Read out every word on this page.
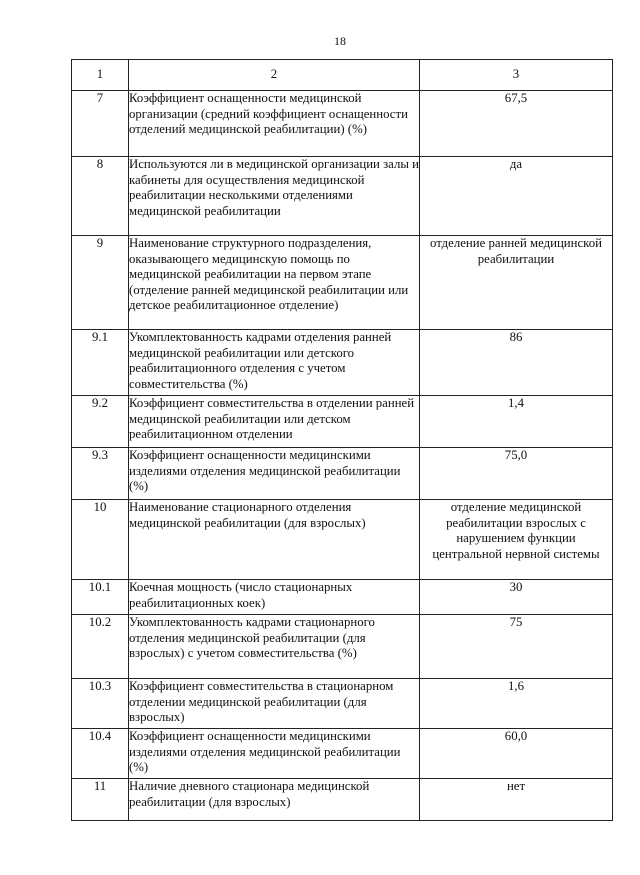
18
1	2	3
7	Коэффициент оснащенности медицинской организации (средний коэффициент оснащенности отделений медицинской реабилитации) (%)	67,5
8	Используются ли в медицинской организации залы и кабинеты для осуществления медицинской реабилитации несколькими отделениями медицинской реабилитации	да
9	Наименование структурного подразделения, оказывающего медицинскую помощь по медицинской реабилитации на первом этапе (отделение ранней медицинской реабилитации или детское реабилитационное отделение)	отделение ранней медицинской реабилитации
9.1	Укомплектованность кадрами отделения ранней медицинской реабилитации или детского реабилитационного отделения с учетом совместительства (%)	86
9.2	Коэффициент совместительства в отделении ранней медицинской реабилитации или детском реабилитационном отделении	1,4
9.3	Коэффициент оснащенности медицинскими изделиями отделения медицинской реабилитации (%)	75,0
10	Наименование стационарного отделения медицинской реабилитации (для взрослых)	отделение медицинской реабилитации взрослых с нарушением функции центральной нервной системы
10.1	Коечная мощность (число стационарных реабилитационных коек)	30
10.2	Укомплектованность кадрами стационарного отделения медицинской реабилитации (для взрослых) с учетом совместительства (%)	75
10.3	Коэффициент совместительства в стационарном отделении медицинской реабилитации (для взрослых)	1,6
10.4	Коэффициент оснащенности медицинскими изделиями отделения медицинской реабилитации (%)	60,0
11	Наличие дневного стационара медицинской реабилитации (для взрослых)	нет
